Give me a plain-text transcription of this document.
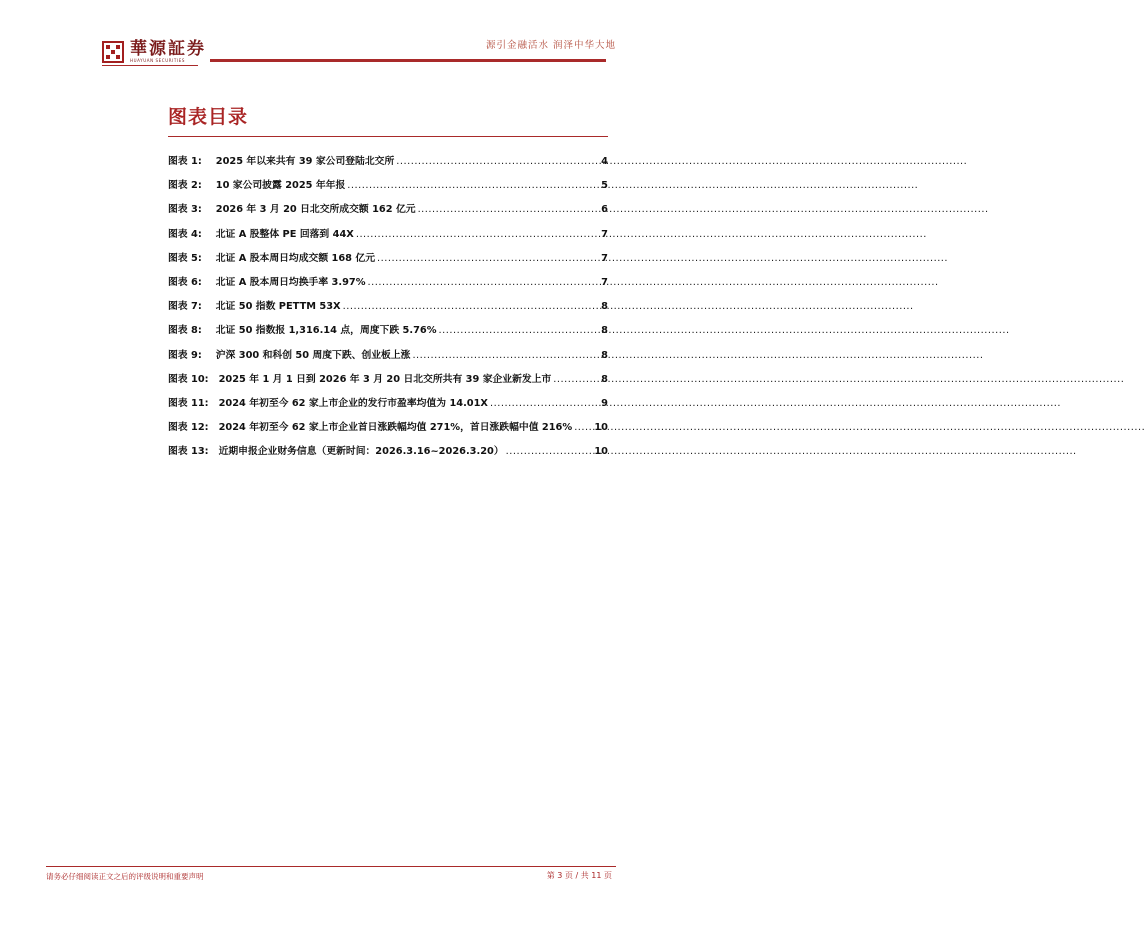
華源証券
HUAYUAN SECURITIES
源引金融活水 润泽中华大地
图表目录
图表 1: 2025 年以来共有 39 家公司登陆北交所 .....	4
图表 2: 10 家公司披露 2025 年年报 .....	5
图表 3: 2026 年 3 月 20 日北交所成交额 162 亿元 .....	6
图表 4: 北证 A 股整体 PE 回落到 44X .....	7
图表 5: 北证 A 股本周日均成交额 168 亿元 .....	7
图表 6: 北证 A 股本周日均换手率 3.97% .....	7
图表 7: 北证 50 指数 PETTM 53X .....	8
图表 8: 北证 50 指数报 1,316.14 点，周度下跌 5.76% .....	8
图表 9: 沪深 300 和科创 50 周度下跌、创业板上涨 .....	8
图表 10: 2025 年 1 月 1 日到 2026 年 3 月 20 日北交所共有 39 家企业新发上市 .....	8
图表 11: 2024 年初至今 62 家上市企业的发行市盈率均值为 14.01X .....	9
图表 12: 2024 年初至今 62 家上市企业首日涨跌幅均值 271%，首日涨跌幅中值 216% ..... 10
图表 13: 近期申报企业财务信息（更新时间：2026.3.16~2026.3.20） .....	10
请务必仔细阅读正文之后的评级说明和重要声明	第 3 页 / 共 11 页
